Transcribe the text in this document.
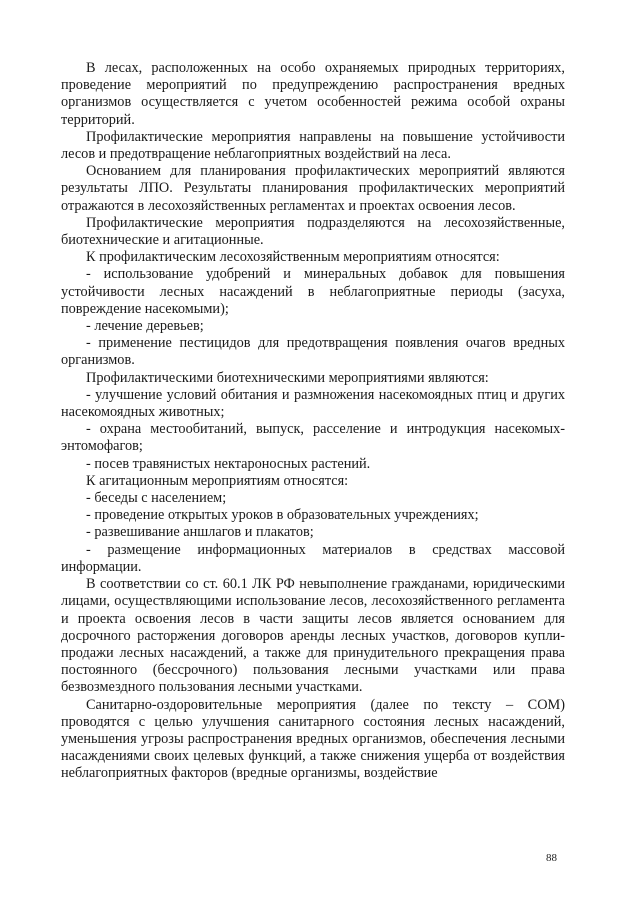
В лесах, расположенных на особо охраняемых природных территориях, проведение мероприятий по предупреждению распространения вредных организмов осуществляется с учетом особенностей режима особой охраны территорий.

Профилактические мероприятия направлены на повышение устойчивости лесов и предотвращение неблагоприятных воздействий на леса.

Основанием для планирования профилактических мероприятий являются результаты ЛПО. Результаты планирования профилактических мероприятий отражаются в лесохозяйственных регламентах и проектах освоения лесов.

Профилактические мероприятия подразделяются на лесохозяйственные, биотехнические и агитационные.

К профилактическим лесохозяйственным мероприятиям относятся:

- использование удобрений и минеральных добавок для повышения устойчивости лесных насаждений в неблагоприятные периоды (засуха, повреждение насекомыми);

- лечение деревьев;

- применение пестицидов для предотвращения появления очагов вредных организмов.

Профилактическими биотехническими мероприятиями являются:

- улучшение условий обитания и размножения насекомоядных птиц и других насекомоядных животных;

- охрана местообитаний, выпуск, расселение и интродукция насекомых-энтомофагов;

- посев травянистых нектароносных растений.

К агитационным мероприятиям относятся:

- беседы с населением;

- проведение открытых уроков в образовательных учреждениях;

- развешивание аншлагов и плакатов;

- размещение информационных материалов в средствах массовой информации.

В соответствии со ст. 60.1 ЛК РФ невыполнение гражданами, юридическими лицами, осуществляющими использование лесов, лесохозяйственного регламента и проекта освоения лесов в части защиты лесов является основанием для досрочного расторжения договоров аренды лесных участков, договоров купли-продажи лесных насаждений, а также для принудительного прекращения права постоянного (бессрочного) пользования лесными участками или права безвозмездного пользования лесными участками.

Санитарно-оздоровительные мероприятия (далее по тексту – СОМ) проводятся с целью улучшения санитарного состояния лесных насаждений, уменьшения угрозы распространения вредных организмов, обеспечения лесными насаждениями своих целевых функций, а также снижения ущерба от воздействия неблагоприятных факторов (вредные организмы, воздействие

88
